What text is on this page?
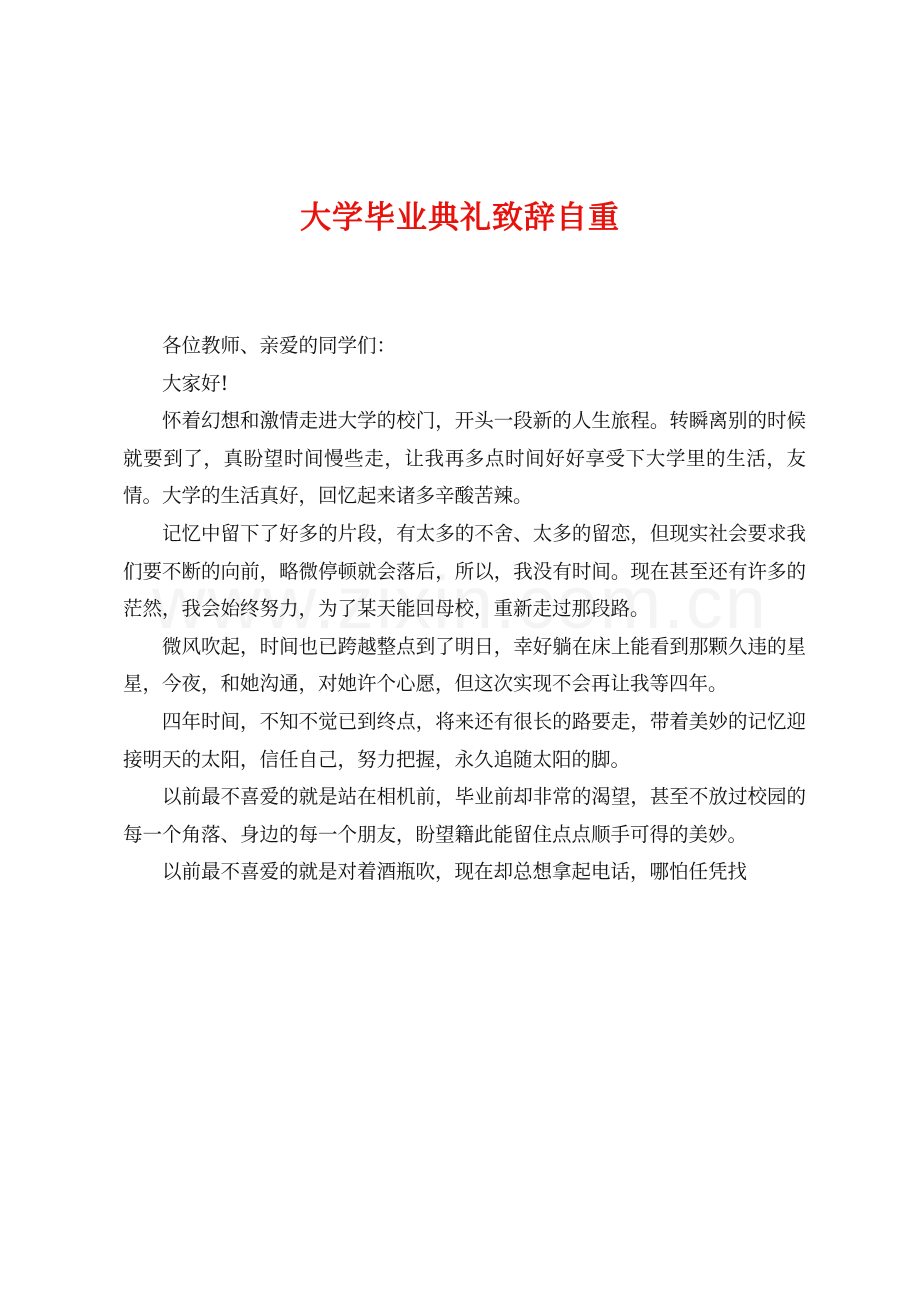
大学毕业典礼致辞自重

各位教师、亲爱的同学们：

大家好!

怀着幻想和激情走进大学的校门，开头一段新的人生旅程。转瞬离别的时候就要到了，真盼望时间慢些走，让我再多点时间好好享受下大学里的生活，友情。大学的生活真好，回忆起来诸多辛酸苦辣。

记忆中留下了好多的片段，有太多的不舍、太多的留恋，但现实社会要求我们要不断的向前，略微停顿就会落后，所以，我没有时间。现在甚至还有许多的茫然，我会始终努力，为了某天能回母校，重新走过那段路。

微风吹起，时间也已跨越整点到了明日，幸好躺在床上能看到那颗久违的星星，今夜，和她沟通，对她许个心愿，但这次实现不会再让我等四年。

四年时间，不知不觉已到终点，将来还有很长的路要走，带着美妙的记忆迎接明天的太阳，信任自己，努力把握，永久追随太阳的脚。

以前最不喜爱的就是站在相机前，毕业前却非常的渴望，甚至不放过校园的每一个角落、身边的每一个朋友，盼望籍此能留住点点顺手可得的美妙。

以前最不喜爱的就是对着酒瓶吹，现在却总想拿起电话，哪怕任凭找
